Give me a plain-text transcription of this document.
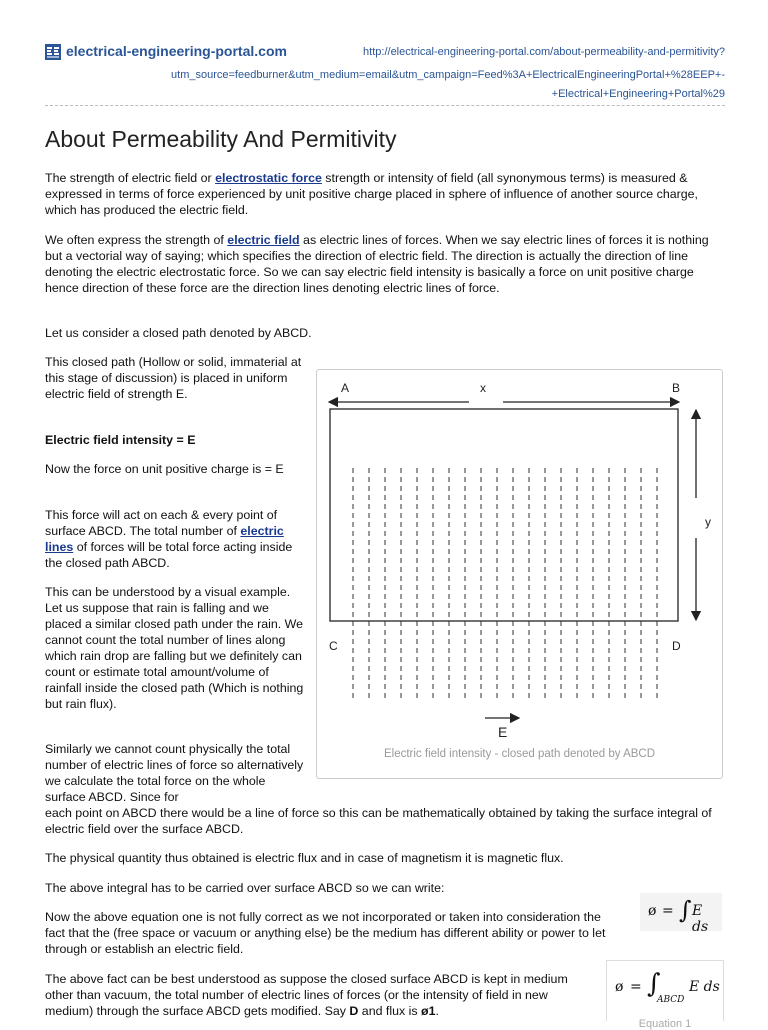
electrical-engineering-portal.com	http://electrical-engineering-portal.com/about-permeability-and-permitivity?
utm_source=feedburner&utm_medium=email&utm_campaign=Feed%3A+ElectricalEngineeringPortal+%28EEP+-
+Electrical+Engineering+Portal%29
About Permeability And Permitivity

The strength of electric field or electrostatic force strength or intensity of field (all synonymous terms) is measured & expressed in terms of force experienced by unit positive charge placed in sphere of influence of another source charge, which has produced the electric field.

We often express the strength of electric field as electric lines of forces. When we say electric lines of forces it is nothing but a vectorial way of saying; which specifies the direction of electric field. The direction is actually the direction of line denoting the electric electrostatic force. So we can say electric field intensity is basically a force on unit positive charge hence direction of these force are the direction lines denoting electric lines of force.

Let us consider a closed path denoted by ABCD.

This closed path (Hollow or solid, immaterial at this stage of discussion) is placed in uniform electric field of strength E.

Electric field intensity = E

Now the force on unit positive charge is = E

This force will act on each & every point of surface ABCD. The total number of electric lines of forces will be total force acting inside the closed path ABCD.

This can be understood by a visual example. Let us suppose that rain is falling and we placed a similar closed path under the rain. We cannot count the total number of lines along which rain drop are falling but we definitely can count or estimate total amount/volume of rainfall inside the closed path (Which is nothing but rain flux).

Similarly we cannot count physically the total number of electric lines of force so alternatively we calculate the total force on the whole surface ABCD. Since for

each point on ABCD there would be a line of force so this can be mathematically obtained by taking the surface integral of electric field over the surface ABCD.

The physical quantity thus obtained is electric flux and in case of magnetism it is magnetic flux.

The above integral has to be carried over surface ABCD so we can write:

Now the above equation one is not fully correct as we not incorporated or taken into consideration the fact that the (free space or vacuum or anything else) be the medium has different ability or power to let through or establish an electric field.

The above fact can be best understood as suppose the closed surface ABCD is kept in medium other than vacuum, the total number of electric lines of forces (or the intensity of field in new medium) through the surface ABCD gets modified. Say D and flux is ø1.

A	B
x
y
C	D
E
Electric field intensity - closed path denoted by ABCD
ø = ∫ E ds
ø = ∫
ABCD
E ds
Equation 1
